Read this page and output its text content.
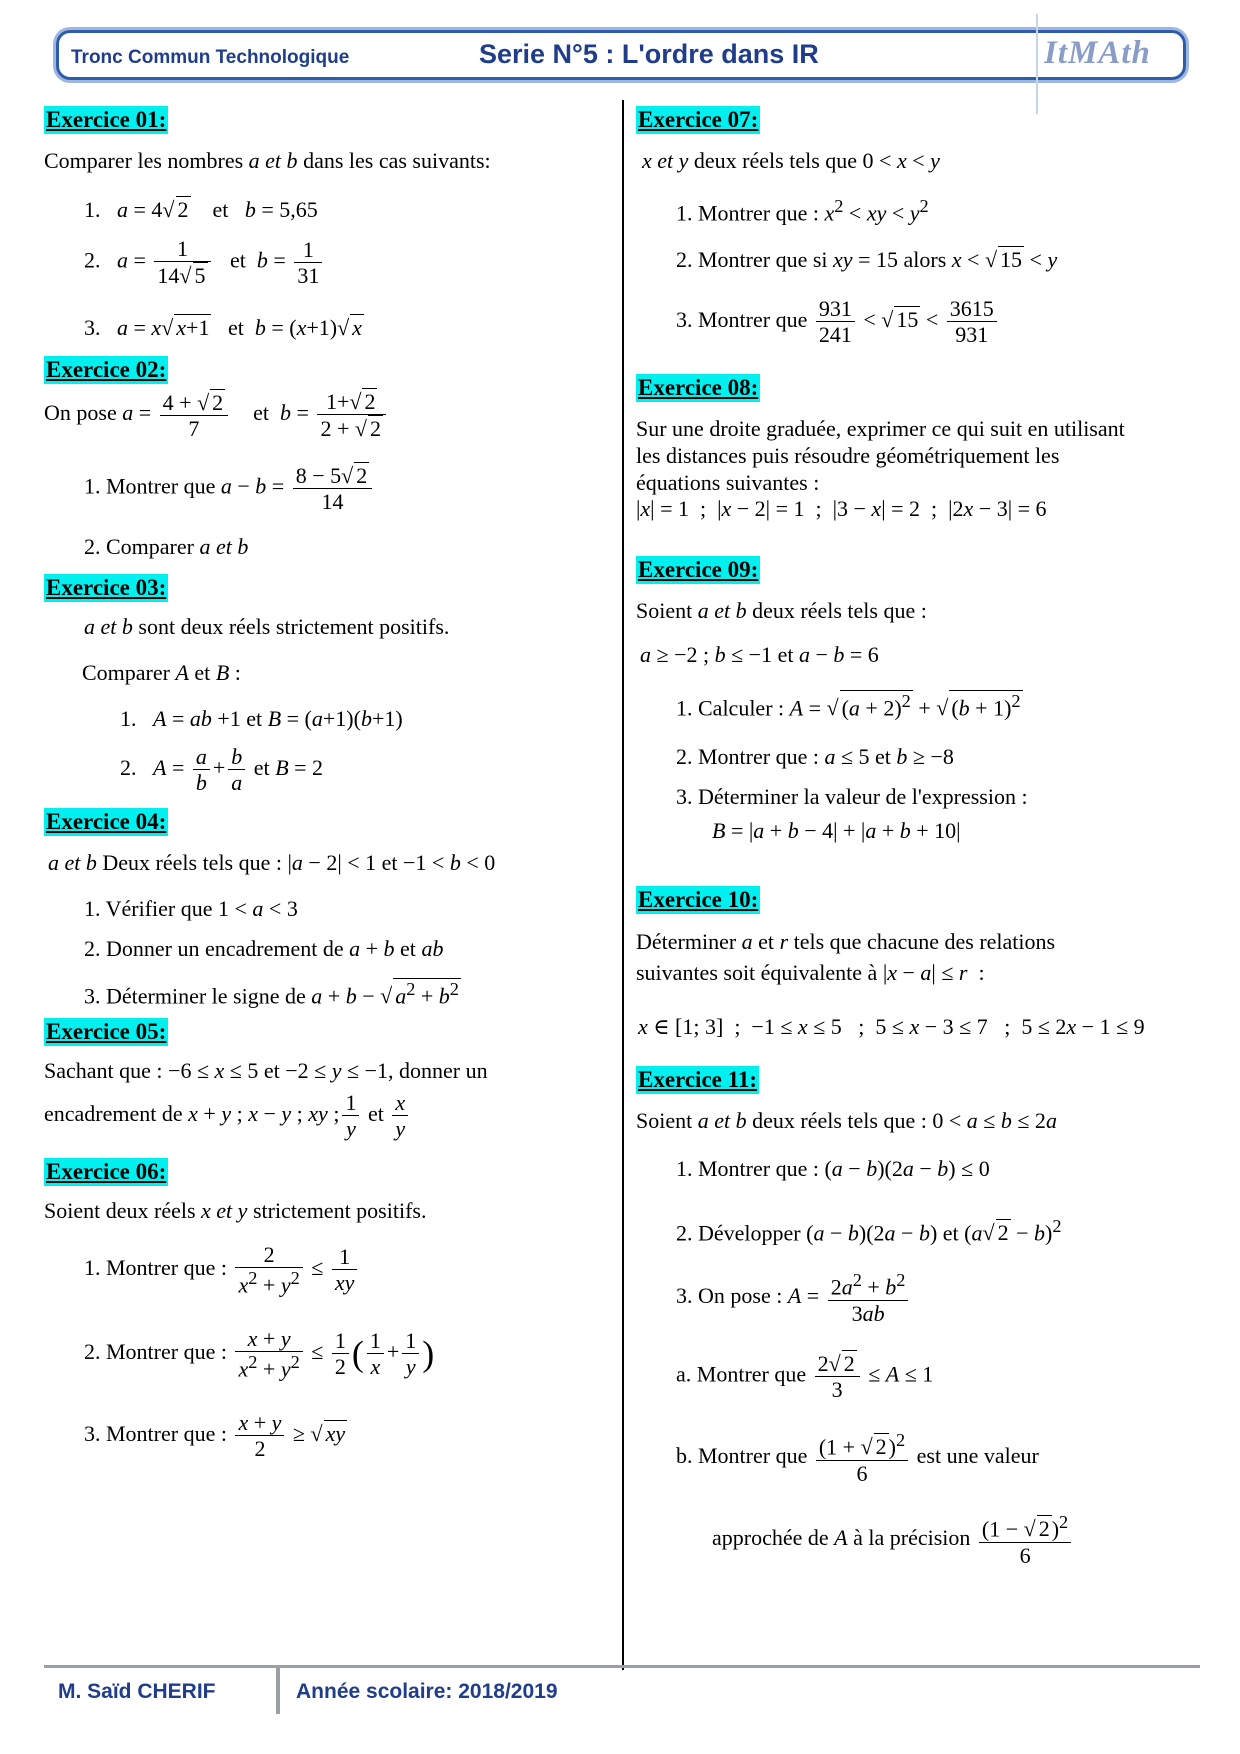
Tronc Commun Technologique	Serie N°5 : L'ordre dans IR	ItMAth
Exercice 01:
Comparer les nombres a et b dans les cas suivants:
1. a = 4 √ 2 et b = 5,65
2. $a = \frac{1}{14 √ 5}$ et $b = \frac{1}{31}$
3. a = x √ x+1 et b = (x+1) √ x
Exercice 02:
On pose $a = \frac{4 + √ 2}{7}$ et $b = \frac{1+ √ 2}{2 + √ 2}$
1. Montrer que $a - b = \frac{8 - 5 √ 2}{14}$
2. Comparer a et b
Exercice 03:
a et b sont deux réels strictement positifs.
Comparer A et B :
1. A = ab +1 et B = (a+1)(b+1)
2. $A = \frac{a}{b} + \frac{b}{a}$ et B = 2
Exercice 04:
a et b Deux réels tels que : |a − 2| < 1 et −1 < b < 0
1. Vérifier que 1 < a < 3
2. Donner un encadrement de a + b et ab
3. Déterminer le signe de a + b − √ $a^2 + b^2$
Exercice 05:
Sachant que : −6 ≤ x ≤ 5 et −2 ≤ y ≤ −1, donner un
encadrement de x + y ; x − y ; xy ; $\frac{1}{y}$ et $\frac{x}{y}$
Exercice 06:
Soient deux réels x et y strictement positifs.
1. Montrer que : $\frac{2}{x^2 + y^2} \le \frac{1}{xy}$
2. Montrer que : $\frac{x + y}{x^2 + y^2} \le \frac{1}{2}$ ( $\frac{1}{x} + \frac{1}{y}$ )
3. Montrer que : $\frac{x + y}{2}$ ≥ √ xy
Exercice 07:
x et y deux réels tels que 0 < x < y
1. Montrer que : $x^2$ < xy < $y^2$
2. Montrer que si xy = 15 alors x < √ 15 < y
3. Montrer que $\frac{931}{241}$ < √ $15 < \frac{3615}{931}$
Exercice 08:
Sur une droite graduée, exprimer ce qui suit en utilisant
les distances puis résoudre géométriquement les
équations suivantes :
|x| = 1  ;  |x − 2| = 1  ;  |3 − x| = 2  ;  |2x − 3| = 6
Exercice 09:
Soient a et b deux réels tels que :
a ≥ −2 ; b ≤ −1 et a − b = 6
1. Calculer : A = √ $(a + 2)^2$ + √ $(b + 1)^2$
2. Montrer que : a ≤ 5 et b ≥ −8
3. Déterminer la valeur de l'expression :
B = |a + b − 4| + |a + b + 10|
Exercice 10:
Déterminer a et r tels que chacune des relations
suivantes soit équivalente à |x − a| ≤ r  :
x ∈ [1; 3]  ;  −1 ≤ x ≤ 5   ;  5 ≤ x − 3 ≤ 7   ;  5 ≤ 2x − 1 ≤ 9
Exercice 11:
Soient a et b deux réels tels que : 0 < a ≤ b ≤ 2a
1. Montrer que : (a − b)(2a − b) ≤ 0
2. Développer (a − b)(2a − b) et (a √ 2 − b)$^2$
3. On pose : $A = \frac{2a^2 + b^2}{3ab}$
a. Montrer que $\frac{2 √ 2}{3} \le A \le 1$
b. Montrer que $\frac{(1 + √ 2)^2}{6}$ est une valeur
approchée de A à la précision $\frac{(1 - √ 2)^2}{6}$
M. Saïd CHERIF	Année scolaire: 2018/2019
